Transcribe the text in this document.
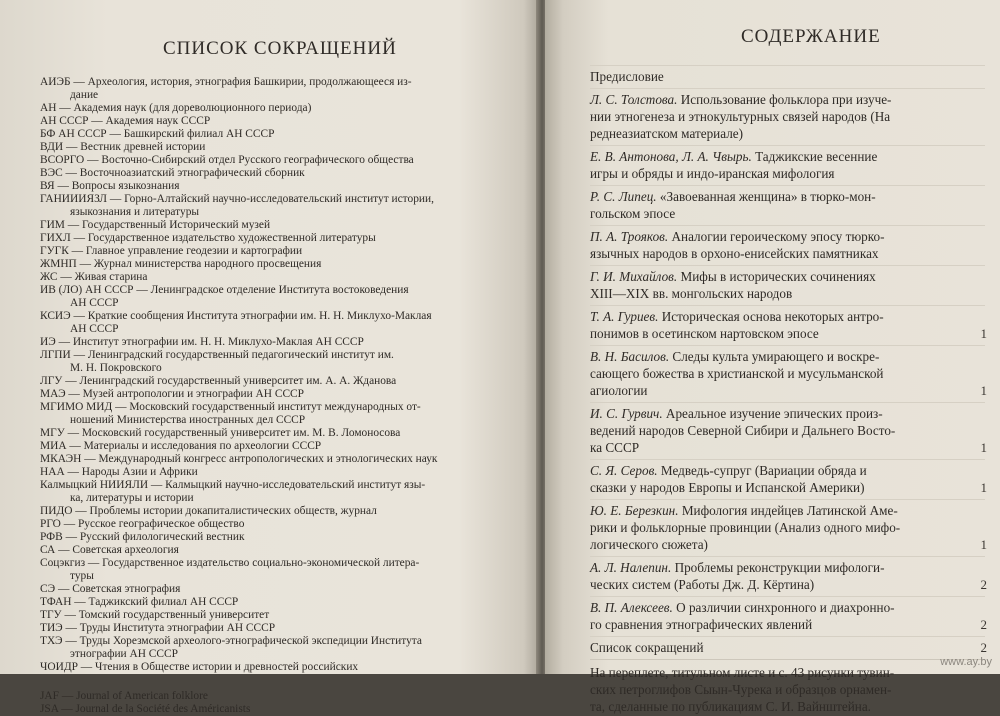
СПИСОК СОКРАЩЕНИЙ
АИЭБ — Археология, история, этнография Башкирии, продолжающееся из-
дание
АН — Академия наук (для дореволюционного периода)
АН СССР — Академия наук СССР
БФ АН СССР — Башкирский филиал АН СССР
ВДИ — Вестник древней истории
ВСОРГО — Восточно-Сибирский отдел Русского географического общества
ВЭС — Восточноазиатский этнографический сборник
ВЯ — Вопросы языкознания
ГАНИИИЯЗЛ — Горно-Алтайский научно-исследовательский институт истории,
языкознания и литературы
ГИМ — Государственный Исторический музей
ГИХЛ — Государственное издательство художественной литературы
ГУГК — Главное управление геодезии и картографии
ЖМНП — Журнал министерства народного просвещения
ЖС — Живая старина
ИВ (ЛО) АН СССР — Ленинградское отделение Института востоковедения
АН СССР
КСИЭ — Краткие сообщения Института этнографии им. Н. Н. Миклухо-Маклая
АН СССР
ИЭ — Институт этнографии им. Н. Н. Миклухо-Маклая АН СССР
ЛГПИ — Ленинградский государственный педагогический институт им.
М. Н. Покровского
ЛГУ — Ленинградский государственный университет им. А. А. Жданова
МАЭ — Музей антропологии и этнографии АН СССР
МГИМО МИД — Московский государственный институт международных от-
ношений Министерства иностранных дел СССР
МГУ — Московский государственный университет им. М. В. Ломоносова
МИА — Материалы и исследования по археологии СССР
МКАЭН — Международный конгресс антропологических и этнологических наук
НАА — Народы Азии и Африки
Калмыцкий НИИЯЛИ — Калмыцкий научно-исследовательский институт язы-
ка, литературы и истории
ПИДО — Проблемы истории докапиталистических обществ, журнал
РГО — Русское географическое общество
РФВ — Русский филологический вестник
СА — Советская археология
Соцэкгиз — Государственное издательство социально-экономической литера-
туры
СЭ — Советская этнография
ТФАН — Таджикский филиал АН СССР
ТГУ — Томский государственный университет
ТИЭ — Труды Института этнографии АН СССР
ТХЭ — Труды Хорезмской археолого-этнографической экспедиции Института
этнографии АН СССР
ЧОИДР — Чтения в Обществе истории и древностей российских
JAF — Journal of American folklore
JSA — Journal de la Société des Américanists
СОДЕРЖАНИЕ
Предисловие
Л. С. Толстова. Использование фольклора при изуче-
нии этногенеза и этнокультурных связей народов (На
реднеазиатском материале)
Е. В. Антонова, Л. А. Чвырь. Таджикские весенние
игры и обряды и индо-иранская мифология
Р. С. Липец. «Завоеванная женщина» в тюрко-мон-
гольском эпосе
П. А. Трояков. Аналогии героическому эпосу тюрко-
язычных народов в орхоно-енисейских памятниках
Г. И. Михайлов. Мифы в исторических сочинениях
XIII—XIX вв. монгольских народов
Т. А. Гуриев. Историческая основа некоторых антро-
понимов в осетинском нартовском эпосе	1
В. Н. Басилов. Следы культа умирающего и воскре-
сающего божества в христианской и мусульманской
агиологии	1
И. С. Гурвич. Ареальное изучение эпических произ-
ведений народов Северной Сибири и Дальнего Восто-
ка СССР	1
С. Я. Серов. Медведь-супруг (Вариации обряда и
сказки у народов Европы и Испанской Америки)	1
Ю. Е. Березкин. Мифология индейцев Латинской Аме-
рики и фольклорные провинции (Анализ одного мифо-
логического сюжета)	1
А. Л. Налепин. Проблемы реконструкции мифологи-
ческих систем (Работы Дж. Д. Кёртина)	2
В. П. Алексеев. О различии синхронного и диахронно-
го сравнения этнографических явлений	2
Список сокращений	2
На переплете, титульном листе и с. 43 рисунки тувин-
ских петроглифов Сыын-Чурека и образцов орнамен-
та, сделанные по публикациям С. И. Вайнштейна.
www.ay.by
